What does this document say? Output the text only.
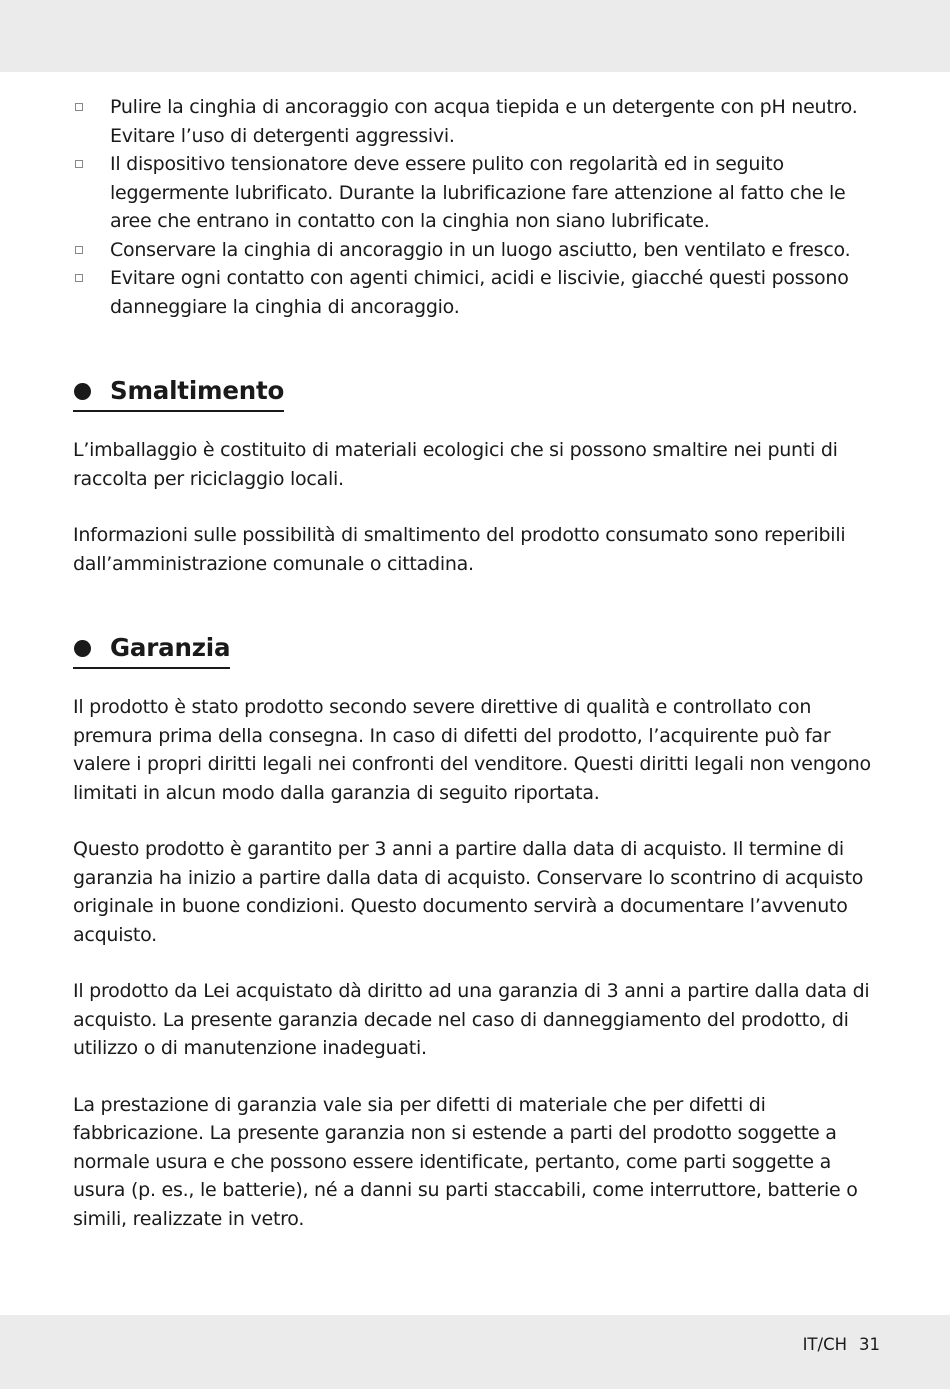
Pulire la cinghia di ancoraggio con acqua tiepida e un detergente con pH neutro. Evitare l’uso di detergenti aggressivi.
Il dispositivo tensionatore deve essere pulito con regolarità ed in seguito leggermente lubrificato. Durante la lubrificazione fare attenzione al fatto che le aree che entrano in contatto con la cinghia non siano lubrificate.
Conservare la cinghia di ancoraggio in un luogo asciutto, ben ventilato e fresco.
Evitare ogni contatto con agenti chimici, acidi e liscivie, giacché questi possono danneggiare la cinghia di ancoraggio.
Smaltimento

L’imballaggio è costituito di materiali ecologici che si possono smaltire nei punti di raccolta per riciclaggio locali.

Informazioni sulle possibilità di smaltimento del prodotto consumato sono reperibili dall’amministrazione comunale o cittadina.

Garanzia

Il prodotto è stato prodotto secondo severe direttive di qualità e controllato con premura prima della consegna. In caso di difetti del prodotto, l’acquirente può far valere i propri diritti legali nei confronti del venditore. Questi diritti legali non vengono limitati in alcun modo dalla garanzia di seguito riportata.

Questo prodotto è garantito per 3 anni a partire dalla data di acquisto. Il termine di garanzia ha inizio a partire dalla data di acquisto. Conservare lo scontrino di acquisto originale in buone condizioni. Questo documento servirà a documentare l’avvenuto acquisto.

Il prodotto da Lei acquistato dà diritto ad una garanzia di 3 anni a partire dalla data di acquisto. La presente garanzia decade nel caso di danneggiamento del prodotto, di utilizzo o di manutenzione inadeguati.

La prestazione di garanzia vale sia per difetti di materiale che per difetti di fabbricazione. La presente garanzia non si estende a parti del prodotto soggette a normale usura e che possono essere identificate, pertanto, come parti soggette a usura (p. es., le batterie), né a danni su parti staccabili, come interruttore, batterie o simili, realizzate in vetro.

IT/CH 31
